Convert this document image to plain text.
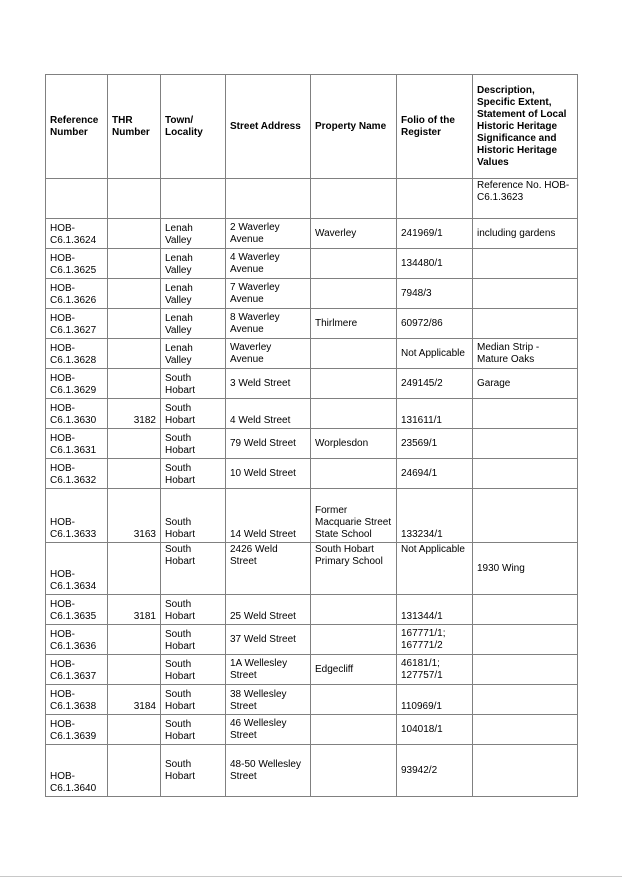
Reference Number	THR Number	Town/ Locality	Street Address	Property Name	Folio of the Register	Description, Specific Extent, Statement of Local Historic Heritage Significance and Historic Heritage Values
						Reference No. HOB-C6.1.3623
HOB-C6.1.3624		Lenah Valley	2 Waverley Avenue	Waverley	241969/1	including gardens
HOB-C6.1.3625		Lenah Valley	4 Waverley Avenue		134480/1	
HOB-C6.1.3626		Lenah Valley	7 Waverley Avenue		7948/3	
HOB-C6.1.3627		Lenah Valley	8 Waverley Avenue	Thirlmere	60972/86	
HOB-C6.1.3628		Lenah Valley	Waverley Avenue		Not Applicable	Median Strip - Mature Oaks
HOB-C6.1.3629		South Hobart	3 Weld Street		249145/2	Garage
HOB-C6.1.3630	3182	South Hobart	4 Weld Street		131611/1	
HOB-C6.1.3631		South Hobart	79 Weld Street	Worplesdon	23569/1	
HOB-C6.1.3632		South Hobart	10 Weld Street		24694/1	
HOB-C6.1.3633	3163	South Hobart	14 Weld Street	Former Macquarie Street State School	133234/1	
HOB-C6.1.3634		South Hobart	2426 Weld Street	South Hobart Primary School	Not Applicable	1930 Wing
HOB-C6.1.3635	3181	South Hobart	25 Weld Street		131344/1	
HOB-C6.1.3636		South Hobart	37 Weld Street		167771/1; 167771/2	
HOB-C6.1.3637		South Hobart	1A Wellesley Street	Edgecliff	46181/1; 127757/1	
HOB-C6.1.3638	3184	South Hobart	38 Wellesley Street		110969/1	
HOB-C6.1.3639		South Hobart	46 Wellesley Street		104018/1	
HOB-C6.1.3640		South Hobart	48-50 Wellesley Street		93942/2	
